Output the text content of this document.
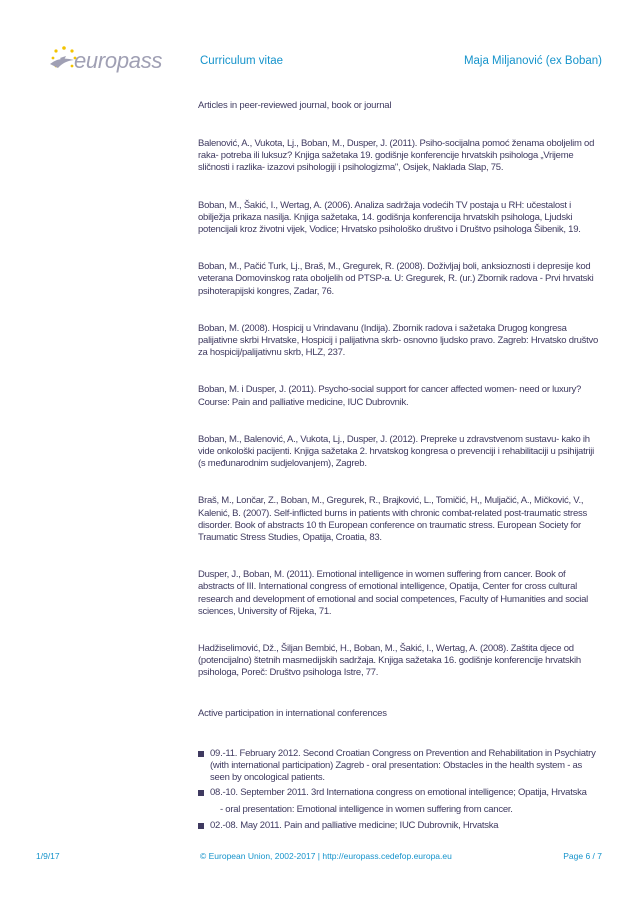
europass	Curriculum vitae	Maja Miljanović (ex Boban)

Articles in peer-reviewed journal, book or journal

Balenović, A., Vukota, Lj., Boban, M., Dusper, J. (2011). Psiho-socijalna pomoć ženama oboljelim od raka- potreba ili luksuz? Knjiga sažetaka 19. godišnje konferencije hrvatskih psihologa „Vrijeme sličnosti i razlika- izazovi psihologiji i psihologizma", Osijek, Naklada Slap, 75.

Boban, M., Šakić, I., Wertag, A. (2006). Analiza sadržaja vodećih TV postaja u RH: učestalost i obilježja prikaza nasilja. Knjiga sažetaka, 14. godišnja konferencija hrvatskih psihologa, Ljudski potencijali kroz životni vijek, Vodice; Hrvatsko psihološko društvo i Društvo psihologa Šibenik, 19.

Boban, M., Pačić Turk, Lj., Braš, M., Gregurek, R. (2008). Doživljaj boli, anksioznosti i depresije kod veterana Domovinskog rata oboljelih od PTSP-a. U: Gregurek, R. (ur.) Zbornik radova - Prvi hrvatski psihoterapijski kongres, Zadar, 76.

Boban, M. (2008). Hospicij u Vrindavanu (Indija). Zbornik radova i sažetaka Drugog kongresa palijativne skrbi Hrvatske, Hospicij i palijativna skrb- osnovno ljudsko pravo. Zagreb: Hrvatsko društvo za hospicij/palijativnu skrb, HLZ, 237.

Boban, M. i Dusper, J. (2011). Psycho-social support for cancer affected women- need or luxury? Course: Pain and palliative medicine, IUC Dubrovnik.

Boban, M., Balenović, A., Vukota, Lj., Dusper, J. (2012). Prepreke u zdravstvenom sustavu- kako ih vide onkološki pacijenti. Knjiga sažetaka 2. hrvatskog kongresa o prevenciji i rehabilitaciji u psihijatriji (s međunarodnim sudjelovanjem), Zagreb.

Braš, M., Lončar, Z., Boban, M., Gregurek, R., Brajković, L., Tomičić, H,, Muljačić, A., Mičković, V., Kalenić, B. (2007). Self-inflicted burns in patients with chronic combat-related post-traumatic stress disorder. Book of abstracts 10 th European conference on traumatic stress. European Society for Traumatic Stress Studies, Opatija, Croatia, 83.

Dusper, J., Boban, M. (2011). Emotional intelligence in women suffering from cancer. Book of abstracts of III. International congress of emotional intelligence, Opatija, Center for cross cultural research and development of emotional and social competences, Faculty of Humanities and social sciences, University of Rijeka, 71.

Hadžiselimović, Dž., Šiljan Bembić, H., Boban, M., Šakić, I., Wertag, A. (2008). Zaštita djece od (potencijalno) štetnih masmedijskih sadržaja. Knjiga sažetaka 16. godišnje konferencije hrvatskih psihologa, Poreč: Društvo psihologa Istre, 77.

Active participation in international conferences

09.-11. February 2012. Second Croatian Congress on Prevention and Rehabilitation in Psychiatry (with international participation) Zagreb - oral presentation: Obstacles in the health system - as seen by oncological patients.
08.-10. September 2011. 3rd Internationa congress on emotional intelligence; Opatija, Hrvatska
- oral presentation: Emotional intelligence in women suffering from cancer.
02.-08. May 2011. Pain and palliative medicine; IUC Dubrovnik, Hrvatska
1/9/17	© European Union, 2002-2017 | http://europass.cedefop.europa.eu	Page 6 / 7
